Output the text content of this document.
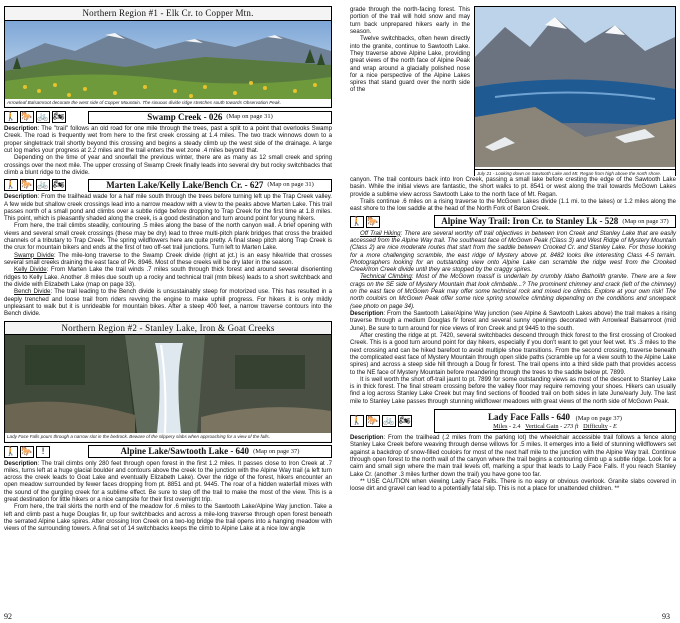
Northern Region #1 - Elk Cr. to Copper Mtn.
Arrowleaf Balsamroot decorate the west side of Copper Mountain. The sinuous divide ridge stretches south towards Observation Peak.
🚶 🐎 🚲 🏍	Swamp Creek - 026 (Map on page 31)

Description: The "trail" follows an old road for one mile through the trees, past a split to a point that overlooks Swamp Creek. The road is frequently wet from here to the first creek crossing at 1.4 miles. The two track winnows down to a proper singletrack trail shortly beyond this crossing and begins a steady climb up the west side of the drainage. A large cut log marks your progress at 2.2 miles and the trail enters the wet zone .4 miles beyond that.

Depending on the time of year and snowfall the previous winter, there are as many as 12 small creek and spring crossings over the next mile. The upper crossing of Swamp Creek finally leads into several dry but rocky switchbacks that climb a blunt ridge to the divide.

🚶 🐎 🚲 🏍	Marten Lake/Kelly Lake/Bench Cr. - 627 (Map on page 31)

Description: From the trailhead wade for a half mile south through the trees before turning left up the Trap Creek valley. A few wide but shallow creek crossings lead into a narrow meadow with a view to the peaks above Marten Lake. This trail passes north of a small pond and climbs over a subtle ridge before dropping to Trap Creek for the first time at 1.8 miles. This point, which is pleasantly shaded along the creek, is a good destination and turn around point for young hikers.

From here, the trail climbs steadily, contouring .5 miles along the base of the north canyon wall. A brief opening with views and several small creek crossings (these may be dry) lead to three multi-pitch plank bridges that cross the braided channels of a tributary to Trap Creek. The spring wildflowers here are quite pretty. A final steep pitch along Trap Creek is the crux for mountain bikers and ends at the first of two off-set trail junctions. Turn left to Marten Lake.

Swamp Divide: The mile-long traverse to the Swamp Creek divide (right at jct.) is an easy hike/ride that crosses several small creeks draining the east face of Pk. 8946. Most of these creeks will be dry later in the season.

Kelly Divide: From Marten Lake the trail winds .7 miles south through thick forest and around several disorienting ridges to Kelly Lake. Another .8 miles due south up a rocky and technical trail (mtn bikes) leads to a short switchback and the divide with Elizabeth Lake (map on page 33).

Bench Divide: The trail leading to the Bench divide is unsustainably steep for motorized use. This has resulted in a deeply trenched and loose trail from riders revving the engine to make uphill progress. For hikers it is only mildly unpleasant to walk but it is unrideable for mountain bikes. After a steep 400 feet, a narrow traverse contours into the Bench divide.

Northern Region #2 - Stanley Lake, Iron & Goat Creeks
Lady Face Falls pours through a narrow slot in the bedrock. Beware of the slippery slabs when approaching for a view of the falls.
🚶 🐎 !	Alpine Lake/Sawtooth Lake - 640 (Map on page 37)

Description: The trail climbs only 280 feet through open forest in the first 1.2 miles. It passes close to Iron Creek at .7 miles, turns left at a huge glacial boulder and contours above the creek to the junction with the Alpine Way trail (a left turn across the creek leads to Goat Lake and eventually Elizabeth Lake). Over the ridge of the forest, hikers encounter an open meadow surrounded by fewer faces dropping from pt. 8851 and pt. 9445. The roar of a hidden waterfall mixes with the sound of the gurgling creek for a sublime effect. Be sure to step off the trail to make the most of the view. This is a great destination for little hikers or a nice campsite for their first overnight trip.

From here, the trail skirts the north end of the meadow for .6 miles to the Sawtooth Lake/Alpine Way junction. Take a left and climb past a huge Douglas fir, up four switchbacks and across a mile-long traverse through open forest beneath the serrated Alpine Lake spires. After crossing Iron Creek on a two-log bridge the trail opens into a hanging meadow with views of the surrounding towers. A final set of 14 switchbacks keeps the climb to Alpine Lake at a nice low angle

92

grade through the north-facing forest. This portion of the trail will hold snow and may turn back unprepared hikers early in the season.

Twelve switchbacks, often hewn directly into the granite, continue to Sawtooth Lake. They traverse above Alpine Lake, providing great views of the north face of Alpine Peak and wrap around a glacially polished nose for a nice perspective of the Alpine Lakes spires that stand guard over the north side of the

July 21 - Looking down on Sawtooth Lake and Mt. Regan from high above the north shore.

canyon. The trail contours back into Iron Creek, passing a small lake before cresting the edge of the Sawtooth Lake basin. While the initial views are fantastic, the short walks to pt. 8541 or west along the trail towards McGown Lakes provide a sublime view across Sawtooth Lake to the north face of Mt. Regan.

Trails continue .6 miles on a rising traverse to the McGown Lakes divide (1.1 mi. to the lakes) or 1.2 miles along the east shore to the low saddle at the head of the North Fork of Baron Creek.

🚶 🐎	Alpine Way Trail: Iron Cr. to Stanley Lk - 528 (Map on page 37)

Off Trail Hiking: There are several worthy off trail objectives in between Iron Creek and Stanley Lake that are easily accessed from the Alpine Way trail. The southeast face of McGown Peak (Class 3) and West Ridge of Mystery Mountain (Class 2) are nice moderate routes that start from the saddle between Crooked Cr. and Stanley Lake. For those looking for a more challenging scramble, the east ridge of Mystery above pt. 8482 looks like interesting Class 4-5 terrain. Photographers looking for an outstanding view onto Alpine Lake can scramble the ridge west from the Crooked Creek/Iron Creek divide until they are stopped by the craggy spires.

Technical Climbing: Most of the McGown massif is underlain by crumbly Idaho Batholith granite. There are a few crags on the SE side of Mystery Mountain that look climbable...? The prominent chimney and crack (left of the chimney) on the east face of McGown Peak may offer some technical rock and mixed ice climbs. Explore at your own risk! The north couloirs on McGown Peak offer some nice spring snow/ice climbing depending on the conditions and snowpack (see photo on page 34).

Description: From the Sawtooth Lake/Alpine Way junction (see Alpine & Sawtooth Lakes above) the trail makes a rising traverse through a medium Douglas fir forest and several sunny openings decorated with Arrowleaf Balsamroot (mid June). Be sure to turn around for nice views of Iron Creek and pt 9445 to the south.

After cresting the ridge at pt. 7420, several switchbacks descend through thick forest to the first crossing of Crooked Creek. This is a good turn around point for day hikers, especially if you don't want to get your feet wet. It's .3 miles to the next crossing and can be hiked barefoot to avoid multiple shoe transitions. From the second crossing, traverse beneath the complicated east face of Mystery Mountain through open slide paths (scramble up for a view south to the Alpine Lake spires) and across a steep side hill through a Doug fir forest. The trail opens into a third slide path that provides access to the NE face of Mystery Mountain before meandering through the trees to the saddle below pt. 7899.

It is well worth the short off-trail jaunt to pt. 7899 for some outstanding views as most of the descent to Stanley Lake is in thick forest. The final stream crossing before the valley floor may require removing your shoes. Hikers can usually find a log across Stanley Lake Creek but may find sections of flooded trail on both sides in late June/early July. The last mile to Stanley Lake passes through stunning wildflower meadows with great views of the north side of McGown Peak.

🚶 🐎 🚲 🏍	Lady Face Falls - 640 (Map on page 37)
Miles - 2.4 Vertical Gain - 273 ft Difficulty - E

Description: From the trailhead (.2 miles from the parking lot) the wheelchair accessible trail follows a fence along Stanley Lake Creek before weaving through dense willows for .5 miles. It emerges into a field of stunning wildflowers set against a backdrop of snow-filled couloirs for most of the next half mile to the junction with the Alpine Way trail. Continue through open forest to the north wall of the canyon where the trail begins a contouring climb up a subtle ridge. Look for a cairn and small sign where the main trail levels off, marking a spur that leads to Lady Face Falls. If you reach Stanley Lake Cr. (another .3 miles further down the trail) you have gone too far.

** USE CAUTION when viewing Lady Face Falls. There is no easy or obvious overlook. Granite slabs covered in loose dirt and gravel can lead to a potentially fatal slip. This is not a place for unattended children. **

93
